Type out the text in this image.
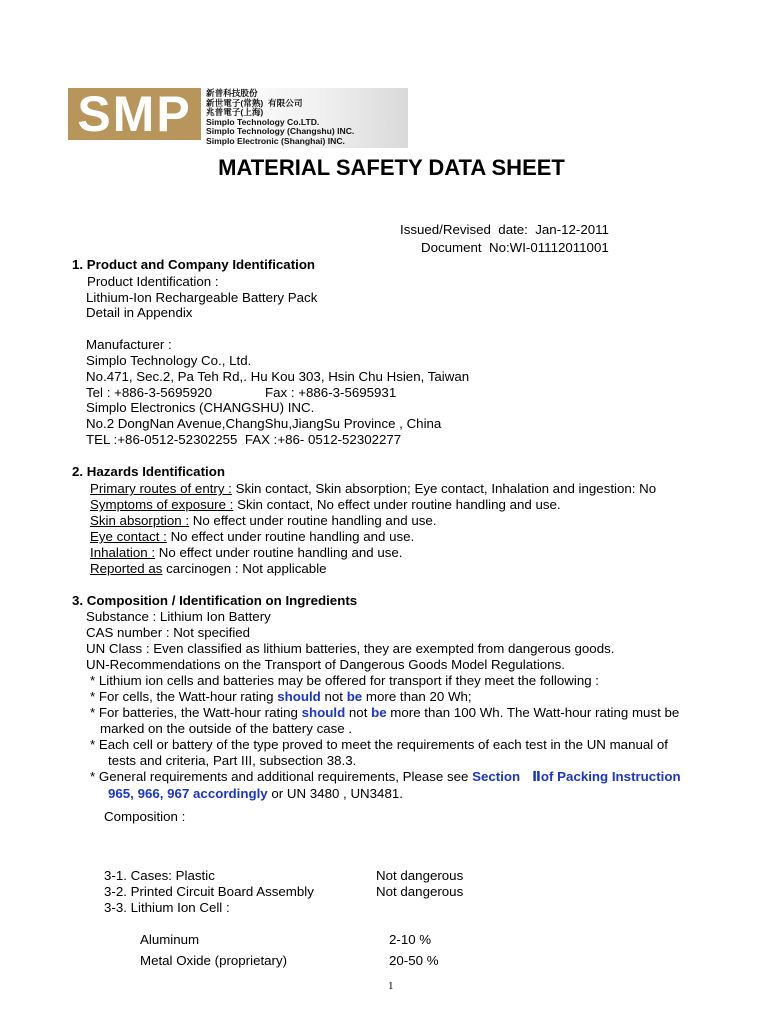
SMP 新普科技股份
新世電子(常熟)  有限公司
兆普電子(上海)
Simplo Technology Co.LTD.
Simplo Technology (Changshu) INC.
Simplo Electronic (Shanghai) INC.
MATERIAL SAFETY DATA SHEET
Issued/Revised  date:  Jan-12-2011
Document  No:WI-01112011001
1. Product and Company Identification
Product Identification :
Lithium-Ion Rechargeable Battery Pack
Detail in Appendix
Manufacturer :
Simplo Technology Co., Ltd.
No.471, Sec.2, Pa Teh Rd,. Hu Kou 303, Hsin Chu Hsien, Taiwan
Tel : +886-3-5695920	Fax : +886-3-5695931
Simplo Electronics (CHANGSHU) INC.
No.2 DongNan Avenue,ChangShu,JiangSu Province , China
TEL :+86-0512-52302255  FAX :+86- 0512-52302277
2. Hazards Identification
Primary routes of entry : Skin contact, Skin absorption; Eye contact, Inhalation and ingestion: No
Symptoms of exposure : Skin contact, No effect under routine handling and use.
Skin absorption : No effect under routine handling and use.
Eye contact : No effect under routine handling and use.
Inhalation : No effect under routine handling and use.
Reported as carcinogen : Not applicable
3. Composition / Identification on Ingredients
Substance : Lithium Ion Battery
CAS number : Not specified
UN Class : Even classified as lithium batteries, they are exempted from dangerous goods.
UN-Recommendations on the Transport of Dangerous Goods Model Regulations.
* Lithium ion cells and batteries may be offered for transport if they meet the following :
* For cells, the Watt-hour rating should not be more than 20 Wh;
* For batteries, the Watt-hour rating should not be more than 100 Wh. The Watt-hour rating must be
marked on the outside of the battery case .
* Each cell or battery of the type proved to meet the requirements of each test in the UN manual of
tests and criteria, Part III, subsection 38.3.
* General requirements and additional requirements, Please see Section Ⅱof Packing Instruction
965, 966, 967 accordingly or UN 3480 , UN3481.
Composition :
3-1. Cases: Plastic	Not dangerous
3-2. Printed Circuit Board Assembly	Not dangerous
3-3. Lithium Ion Cell :
Aluminum	2-10 %
Metal Oxide (proprietary)	20-50 %
1
